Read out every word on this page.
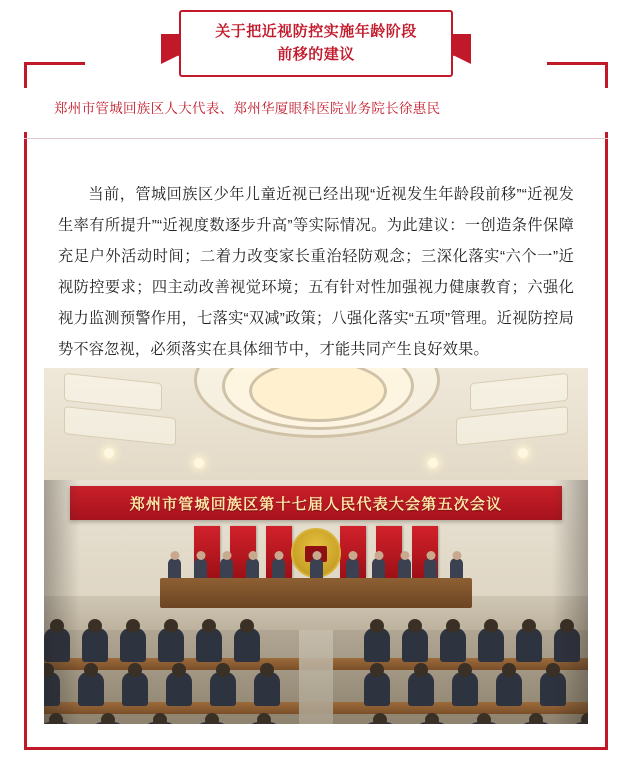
关于把近视防控实施年龄阶段
前移的建议
郑州市管城回族区人大代表、郑州华厦眼科医院业务院长徐惠民

当前，管城回族区少年儿童近视已经出现“近视发生年龄段前移”“近视发生率有所提升”“近视度数逐步升高”等实际情况。为此建议：一创造条件保障充足户外活动时间；二着力改变家长重治轻防观念；三深化落实“六个一”近视防控要求；四主动改善视觉环境；五有针对性加强视力健康教育；六强化视力监测预警作用，七落实“双减”政策；八强化落实“五项”管理。近视防控局势不容忽视，必须落实在具体细节中，才能共同产生良好效果。

郑州市管城回族区第十七届人民代表大会第五次会议
